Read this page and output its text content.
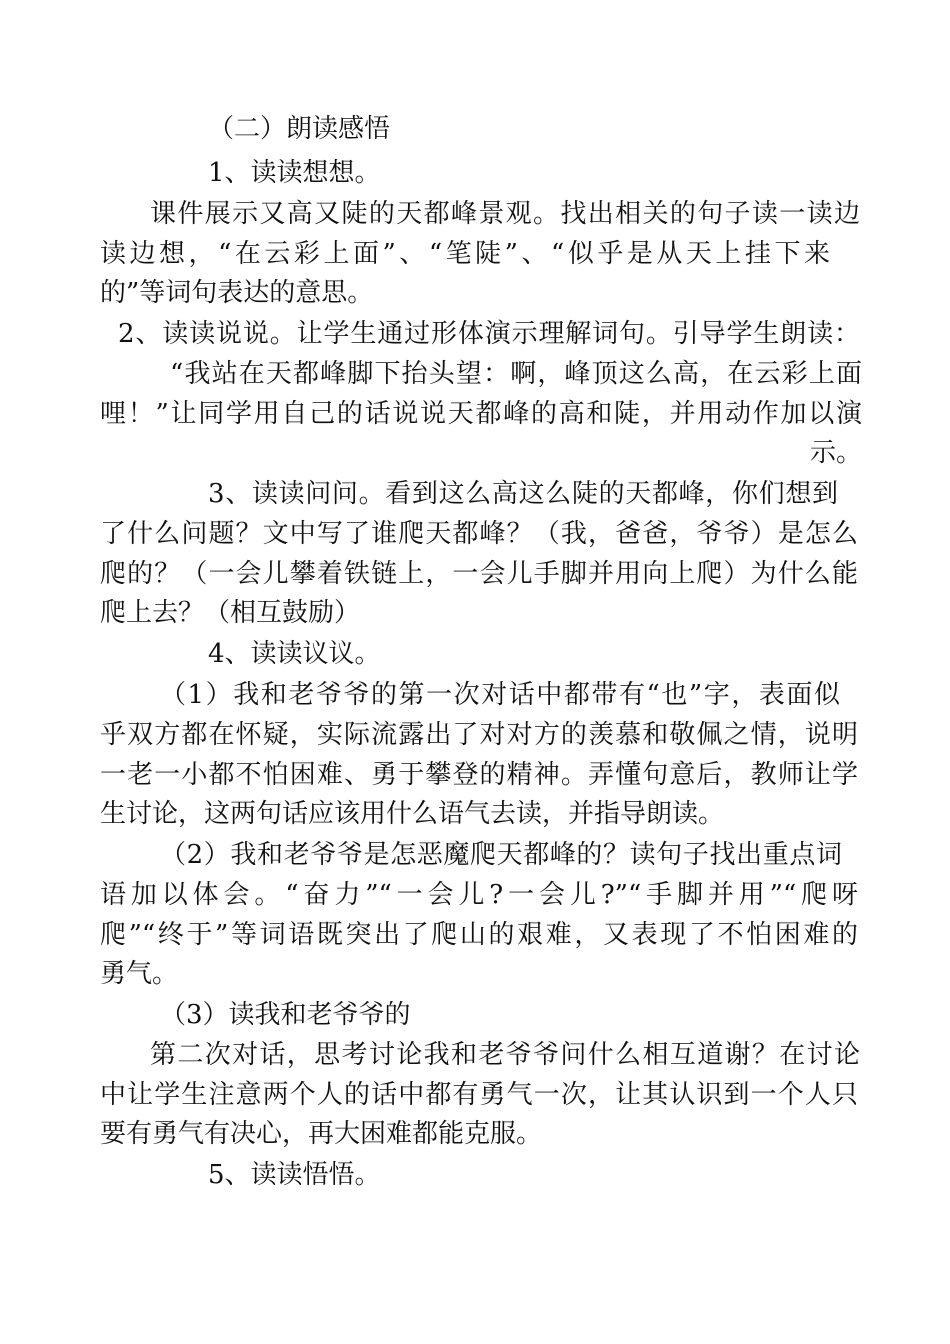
（二）朗读感悟
1、读读想想。
课件展示又高又陡的天都峰景观。找出相关的句子读一读边
读边想，“在云彩上面”、“笔陡”、“似乎是从天上挂下来
的”等词句表达的意思。
2、读读说说。让学生通过形体演示理解词句。引导学生朗读：
“我站在天都峰脚下抬头望：啊，峰顶这么高，在云彩上面
哩！”让同学用自己的话说说天都峰的高和陡，并用动作加以演
示。
3、读读问问。看到这么高这么陡的天都峰，你们想到
了什么问题？文中写了谁爬天都峰？（我，爸爸，爷爷）是怎么
爬的？（一会儿攀着铁链上，一会儿手脚并用向上爬）为什么能
爬上去？（相互鼓励）
4、读读议议。
（1）我和老爷爷的第一次对话中都带有“也”字，表面似
乎双方都在怀疑，实际流露出了对对方的羡慕和敬佩之情，说明
一老一小都不怕困难、勇于攀登的精神。弄懂句意后，教师让学
生讨论，这两句话应该用什么语气去读，并指导朗读。
（2）我和老爷爷是怎恶魔爬天都峰的？读句子找出重点词
语加以体会。“奋力”“一会儿?一会儿?”“手脚并用”“爬呀
爬”“终于”等词语既突出了爬山的艰难，又表现了不怕困难的
勇气。
（3）读我和老爷爷的
第二次对话，思考讨论我和老爷爷问什么相互道谢？在讨论
中让学生注意两个人的话中都有勇气一次，让其认识到一个人只
要有勇气有决心，再大困难都能克服。
5、读读悟悟。
